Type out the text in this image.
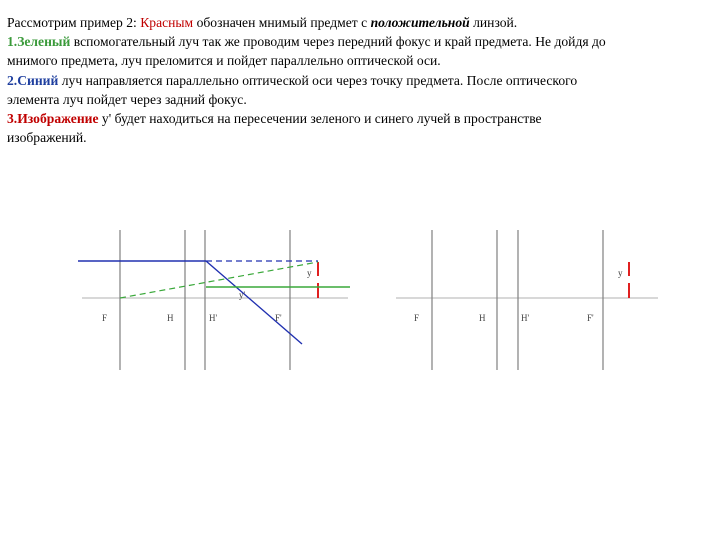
Рассмотрим пример 2: Красным обозначен мнимый предмет с положительной линзой.

1.Зеленый вспомогательный луч так же проводим через передний фокус и край предмета. Не дойдя до

мнимого предмета, луч преломится и пойдет параллельно оптической оси.

2.Синий луч направляется параллельно оптической оси через точку предмета. После оптического

элемента луч пойдет через задний фокус.

3.Изображение y' будет находиться на пересечении зеленого и синего лучей в пространстве

изображений.

F	H	H'	F'
y
y'
F	H	H'	F'
y
